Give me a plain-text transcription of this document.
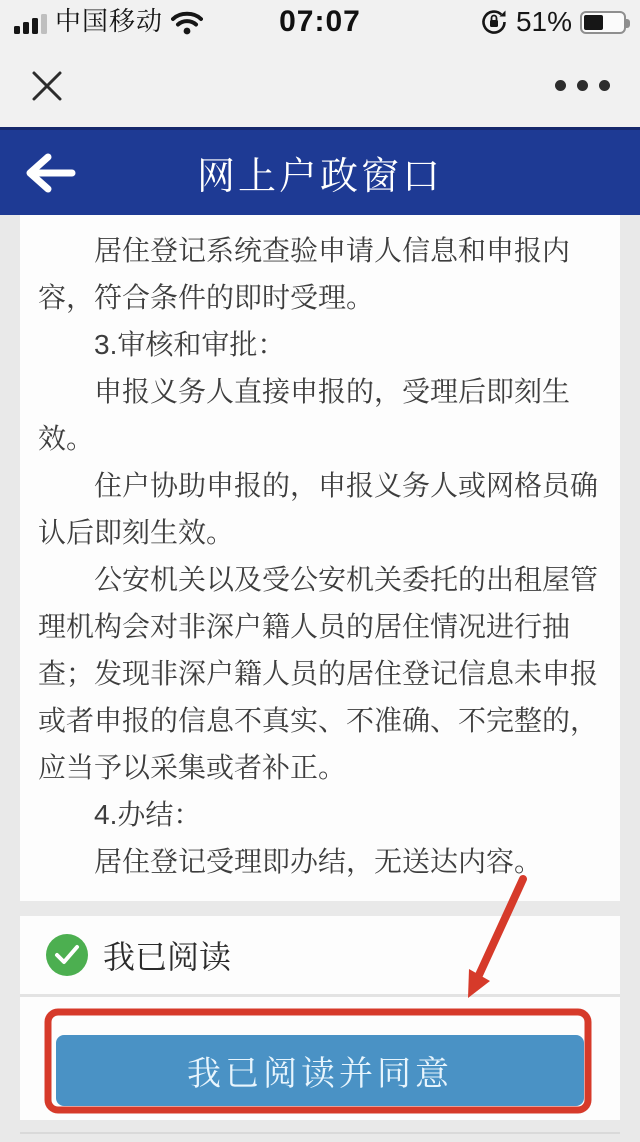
中国移动	07:07	51%
网上户政窗口

居住登记系统查验申请人信息和申报内容，符合条件的即时受理。

3.审核和审批：

申报义务人直接申报的，受理后即刻生效。

住户协助申报的，申报义务人或网格员确认后即刻生效。

公安机关以及受公安机关委托的出租屋管理机构会对非深户籍人员的居住情况进行抽查；发现非深户籍人员的居住登记信息未申报或者申报的信息不真实、不准确、不完整的，应当予以采集或者补正。

4.办结：

居住登记受理即办结，无送达内容。

我已阅读
我已阅读并同意
